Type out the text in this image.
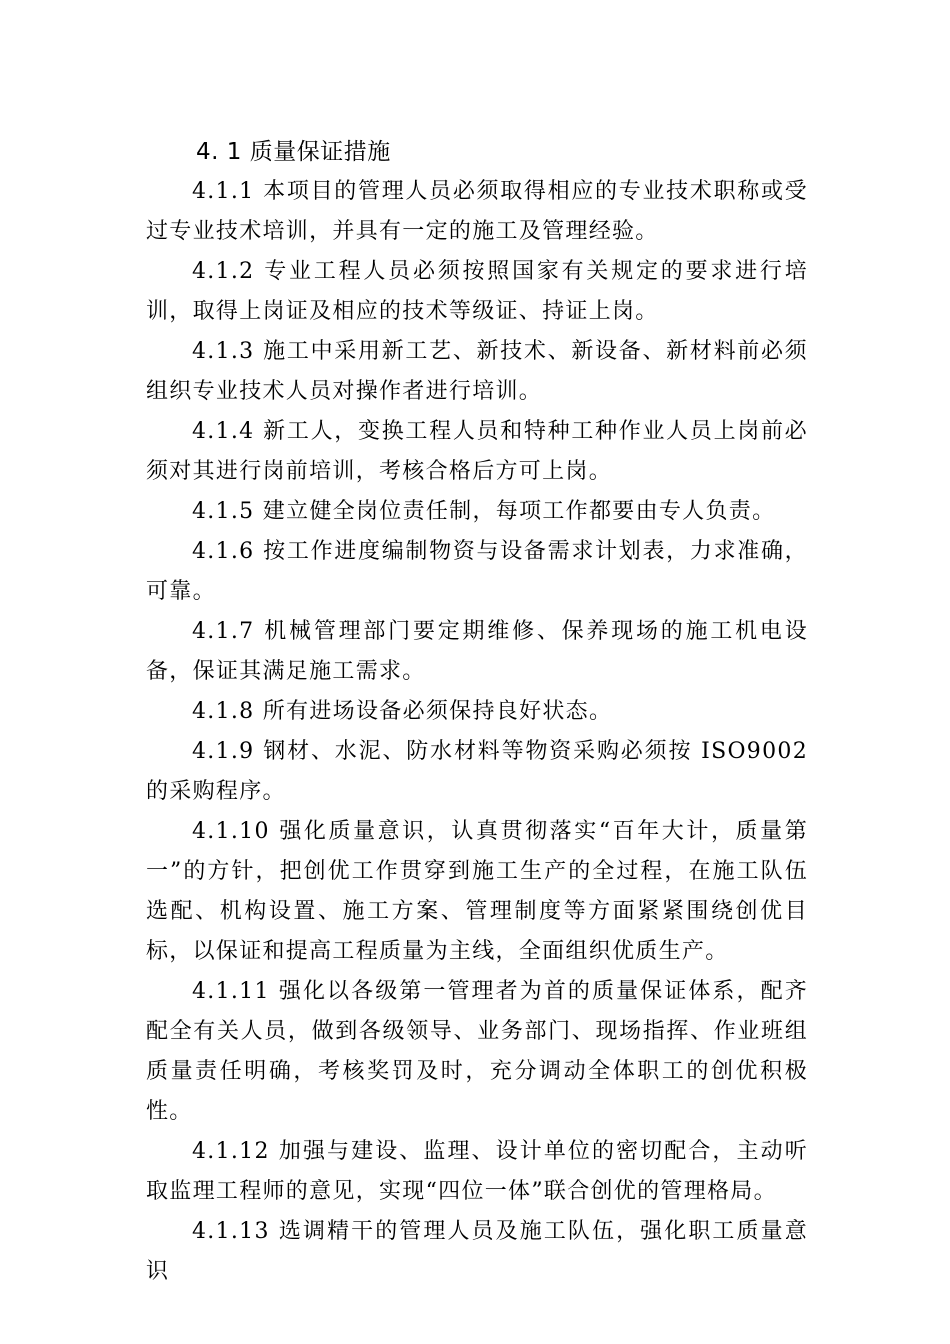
4. 1 质量保证措施

4.1.1 本项目的管理人员必须取得相应的专业技术职称或受过专业技术培训，并具有一定的施工及管理经验。

4.1.2 专业工程人员必须按照国家有关规定的要求进行培训，取得上岗证及相应的技术等级证、持证上岗。

4.1.3 施工中采用新工艺、新技术、新设备、新材料前必须组织专业技术人员对操作者进行培训。

4.1.4 新工人，变换工程人员和特种工种作业人员上岗前必须对其进行岗前培训，考核合格后方可上岗。

4.1.5 建立健全岗位责任制，每项工作都要由专人负责。

4.1.6 按工作进度编制物资与设备需求计划表，力求准确，可靠。

4.1.7 机械管理部门要定期维修、保养现场的施工机电设备，保证其满足施工需求。

4.1.8 所有进场设备必须保持良好状态。

4.1.9 钢材、水泥、防水材料等物资采购必须按 ISO9002 的采购程序。

4.1.10 强化质量意识，认真贯彻落实“百年大计，质量第一”的方针，把创优工作贯穿到施工生产的全过程，在施工队伍选配、机构设置、施工方案、管理制度等方面紧紧围绕创优目标，以保证和提高工程质量为主线，全面组织优质生产。

4.1.11 强化以各级第一管理者为首的质量保证体系，配齐配全有关人员，做到各级领导、业务部门、现场指挥、作业班组质量责任明确，考核奖罚及时，充分调动全体职工的创优积极性。

4.1.12 加强与建设、监理、设计单位的密切配合，主动听取监理工程师的意见，实现“四位一体”联合创优的管理格局。

4.1.13 选调精干的管理人员及施工队伍，强化职工质量意识
